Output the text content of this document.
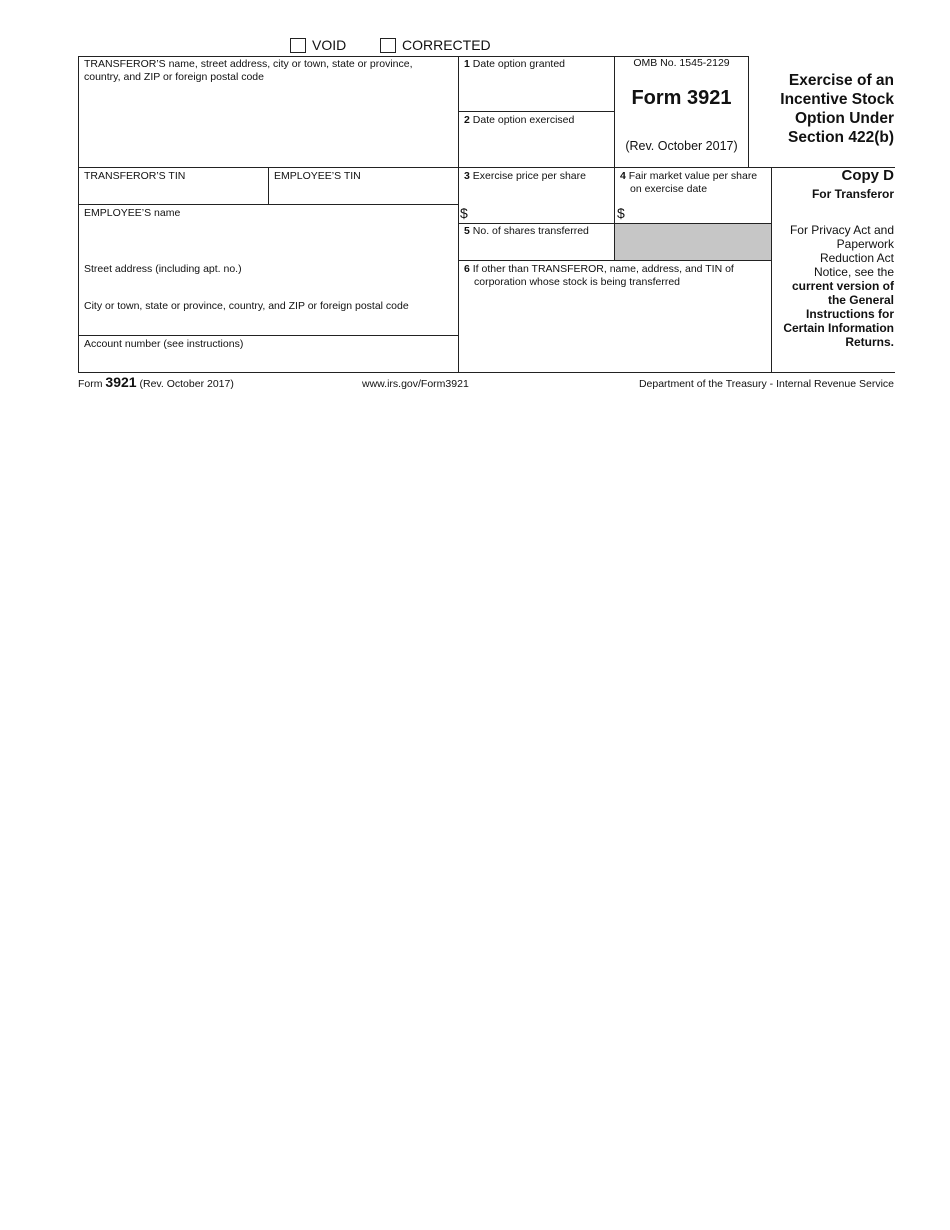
VOID	CORRECTED
TRANSFEROR’S name, street address, city or town, state or province, country, and ZIP or foreign postal code
1 Date option granted
2 Date option exercised
OMB No. 1545-2129
Form 3921
(Rev. October 2017)
Exercise of an
Incentive Stock
Option Under
Section 422(b)
TRANSFEROR’S TIN	EMPLOYEE’S TIN	3 Exercise price per share
$
4 Fair market value per share on exercise date
$
Copy D
For Transferor
For Privacy Act and
Paperwork
Reduction Act
Notice, see the
current version of
the General
Instructions for
Certain Information
Returns.
EMPLOYEE’S name
Street address (including apt. no.)
City or town, state or province, country, and ZIP or foreign postal code
Account number (see instructions)
5 No. of shares transferred
6 If other than TRANSFEROR, name, address, and TIN of corporation whose stock is being transferred
Form 3921 (Rev. October 2017)	www.irs.gov/Form3921	Department of the Treasury - Internal Revenue Service
